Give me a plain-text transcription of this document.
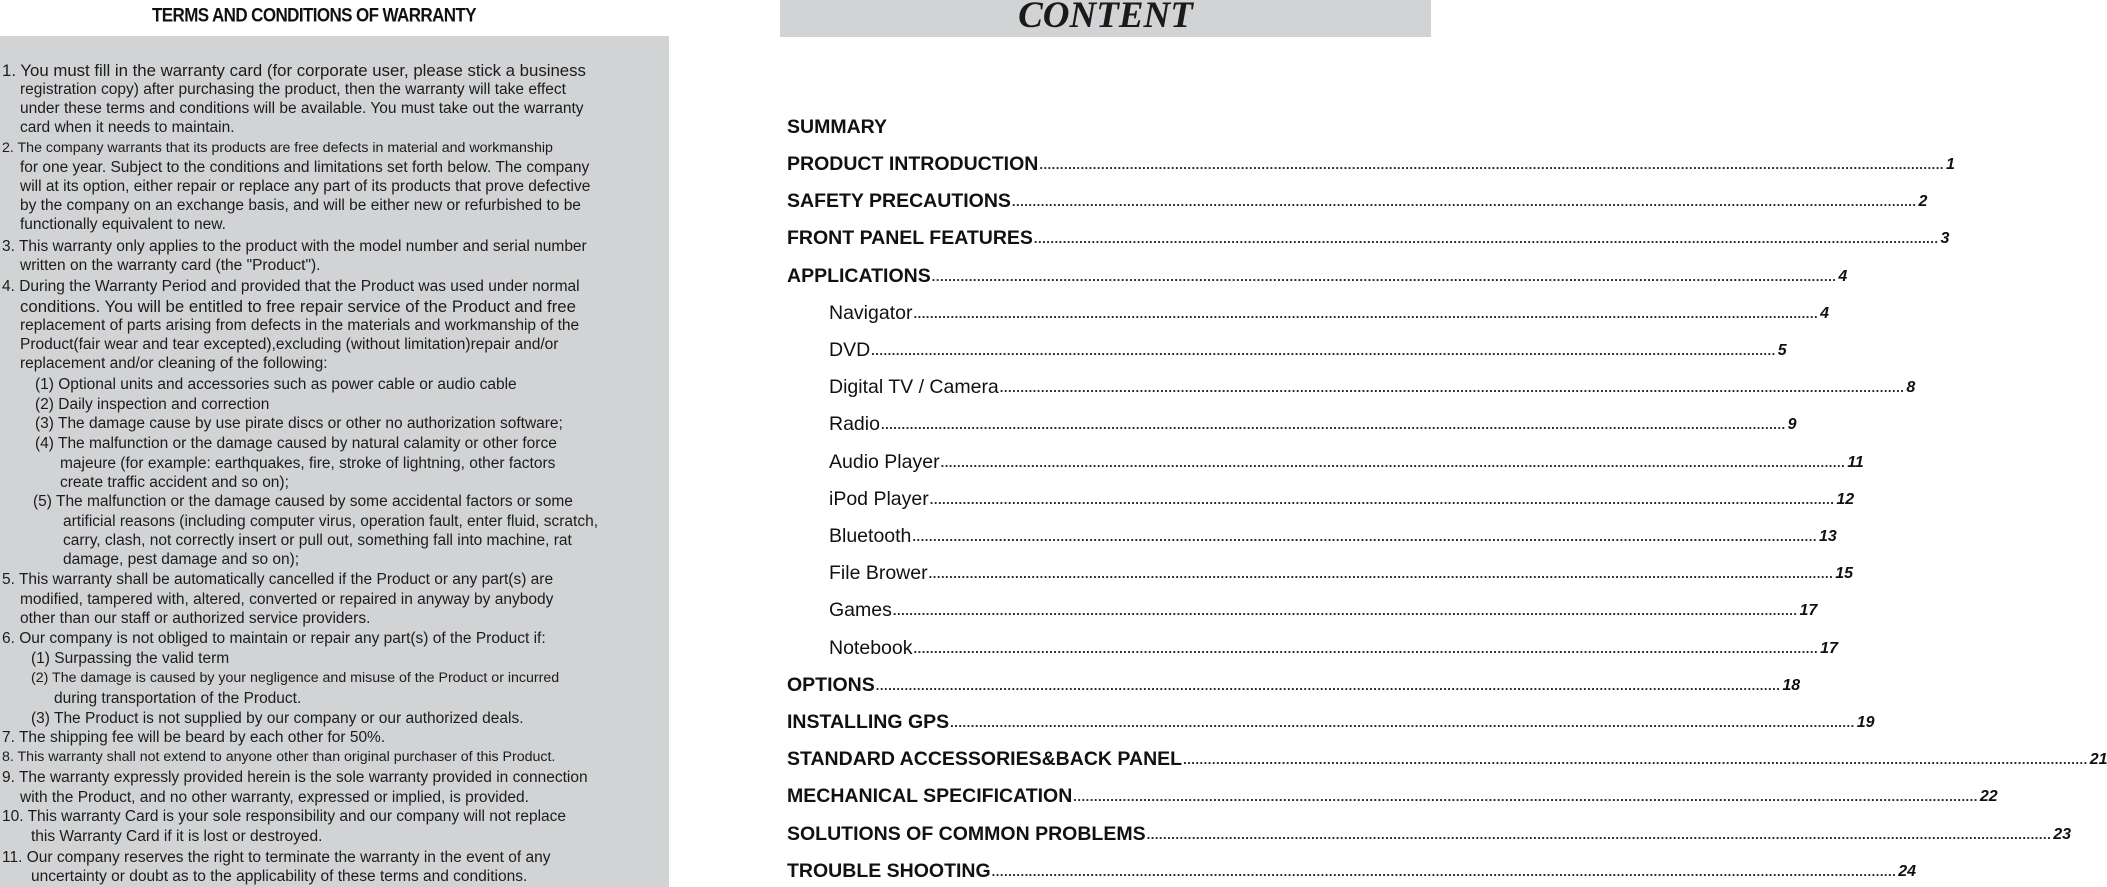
TERMS AND CONDITIONS OF WARRANTY
1. You must fill in the warranty card (for corporate user, please stick a business
registration copy) after purchasing the product, then the warranty will take effect
under these terms and conditions will be available. You must take out the warranty
card when it needs to maintain.
2. The company warrants that its products are free defects in material and workmanship
for one year. Subject to the conditions and limitations set forth below. The company
will at its option, either repair or replace any part of its products that prove defective
by the company on an exchange basis, and will be either new or refurbished to be
functionally equivalent to new.
3. This warranty only applies to the product with the model number and serial number
written on the warranty card (the "Product").
4. During the Warranty Period and provided that the Product was used under normal
conditions. You will be entitled to free repair service of the Product and free
replacement of parts arising from defects in the materials and workmanship of the
Product(fair wear and tear excepted),excluding (without limitation)repair and/or
replacement and/or cleaning of the following:
(1) Optional units and accessories such as power cable or audio cable
(2) Daily inspection and correction
(3) The damage cause by use pirate discs or other no authorization software;
(4) The malfunction or the damage caused by natural calamity or other force
majeure (for example: earthquakes, fire, stroke of lightning, other factors
create traffic accident and so on);
(5) The malfunction or the damage caused by some accidental factors or some
artificial reasons (including computer virus, operation fault, enter fluid, scratch,
carry, clash, not correctly insert or pull out, something fall into machine, rat
damage, pest damage and so on);
5. This warranty shall be automatically cancelled if the Product or any part(s) are
modified, tampered with, altered, converted or repaired in anyway by anybody
other than our staff or authorized service providers.
6. Our company is not obliged to maintain or repair any part(s) of the Product if:
(1) Surpassing the valid term
(2) The damage is caused by your negligence and misuse of the Product or incurred
during transportation of the Product.
(3) The Product is not supplied by our company or our authorized deals.
7. The shipping fee will be beard by each other for 50%.
8. This warranty shall not extend to anyone other than original purchaser of this Product.
9. The warranty expressly provided herein is the sole warranty provided in connection
with the Product, and no other warranty, expressed or implied, is provided.
10. This warranty Card is your sole responsibility and our company will not replace
this Warranty Card if it is lost or destroyed.
11. Our company reserves the right to terminate the warranty in the event of any
uncertainty or doubt as to the applicability of these terms and conditions.
CONTENT
SUMMARY
PRODUCT INTRODUCTION ............................................................................................................................................................................................................................ 1
SAFETY PRECAUTIONS ............................................................................................................................................................................................................................ 2
FRONT PANEL FEATURES ............................................................................................................................................................................................................................ 3
APPLICATIONS ............................................................................................................................................................................................................................ 4
Navigator ............................................................................................................................................................................................................................ 4
DVD ............................................................................................................................................................................................................................ 5
Digital TV / Camera ............................................................................................................................................................................................................................ 8
Radio ............................................................................................................................................................................................................................ 9
Audio Player ............................................................................................................................................................................................................................ 11
iPod Player ............................................................................................................................................................................................................................ 12
Bluetooth ............................................................................................................................................................................................................................ 13
File Brower ............................................................................................................................................................................................................................ 15
Games ............................................................................................................................................................................................................................ 17
Notebook ............................................................................................................................................................................................................................ 17
OPTIONS ............................................................................................................................................................................................................................ 18
INSTALLING GPS ............................................................................................................................................................................................................................ 19
STANDARD ACCESSORIES&BACK PANEL ............................................................................................................................................................................................................................ 21
MECHANICAL SPECIFICATION ............................................................................................................................................................................................................................ 22
SOLUTIONS OF COMMON PROBLEMS ............................................................................................................................................................................................................................ 23
TROUBLE SHOOTING ............................................................................................................................................................................................................................ 24
